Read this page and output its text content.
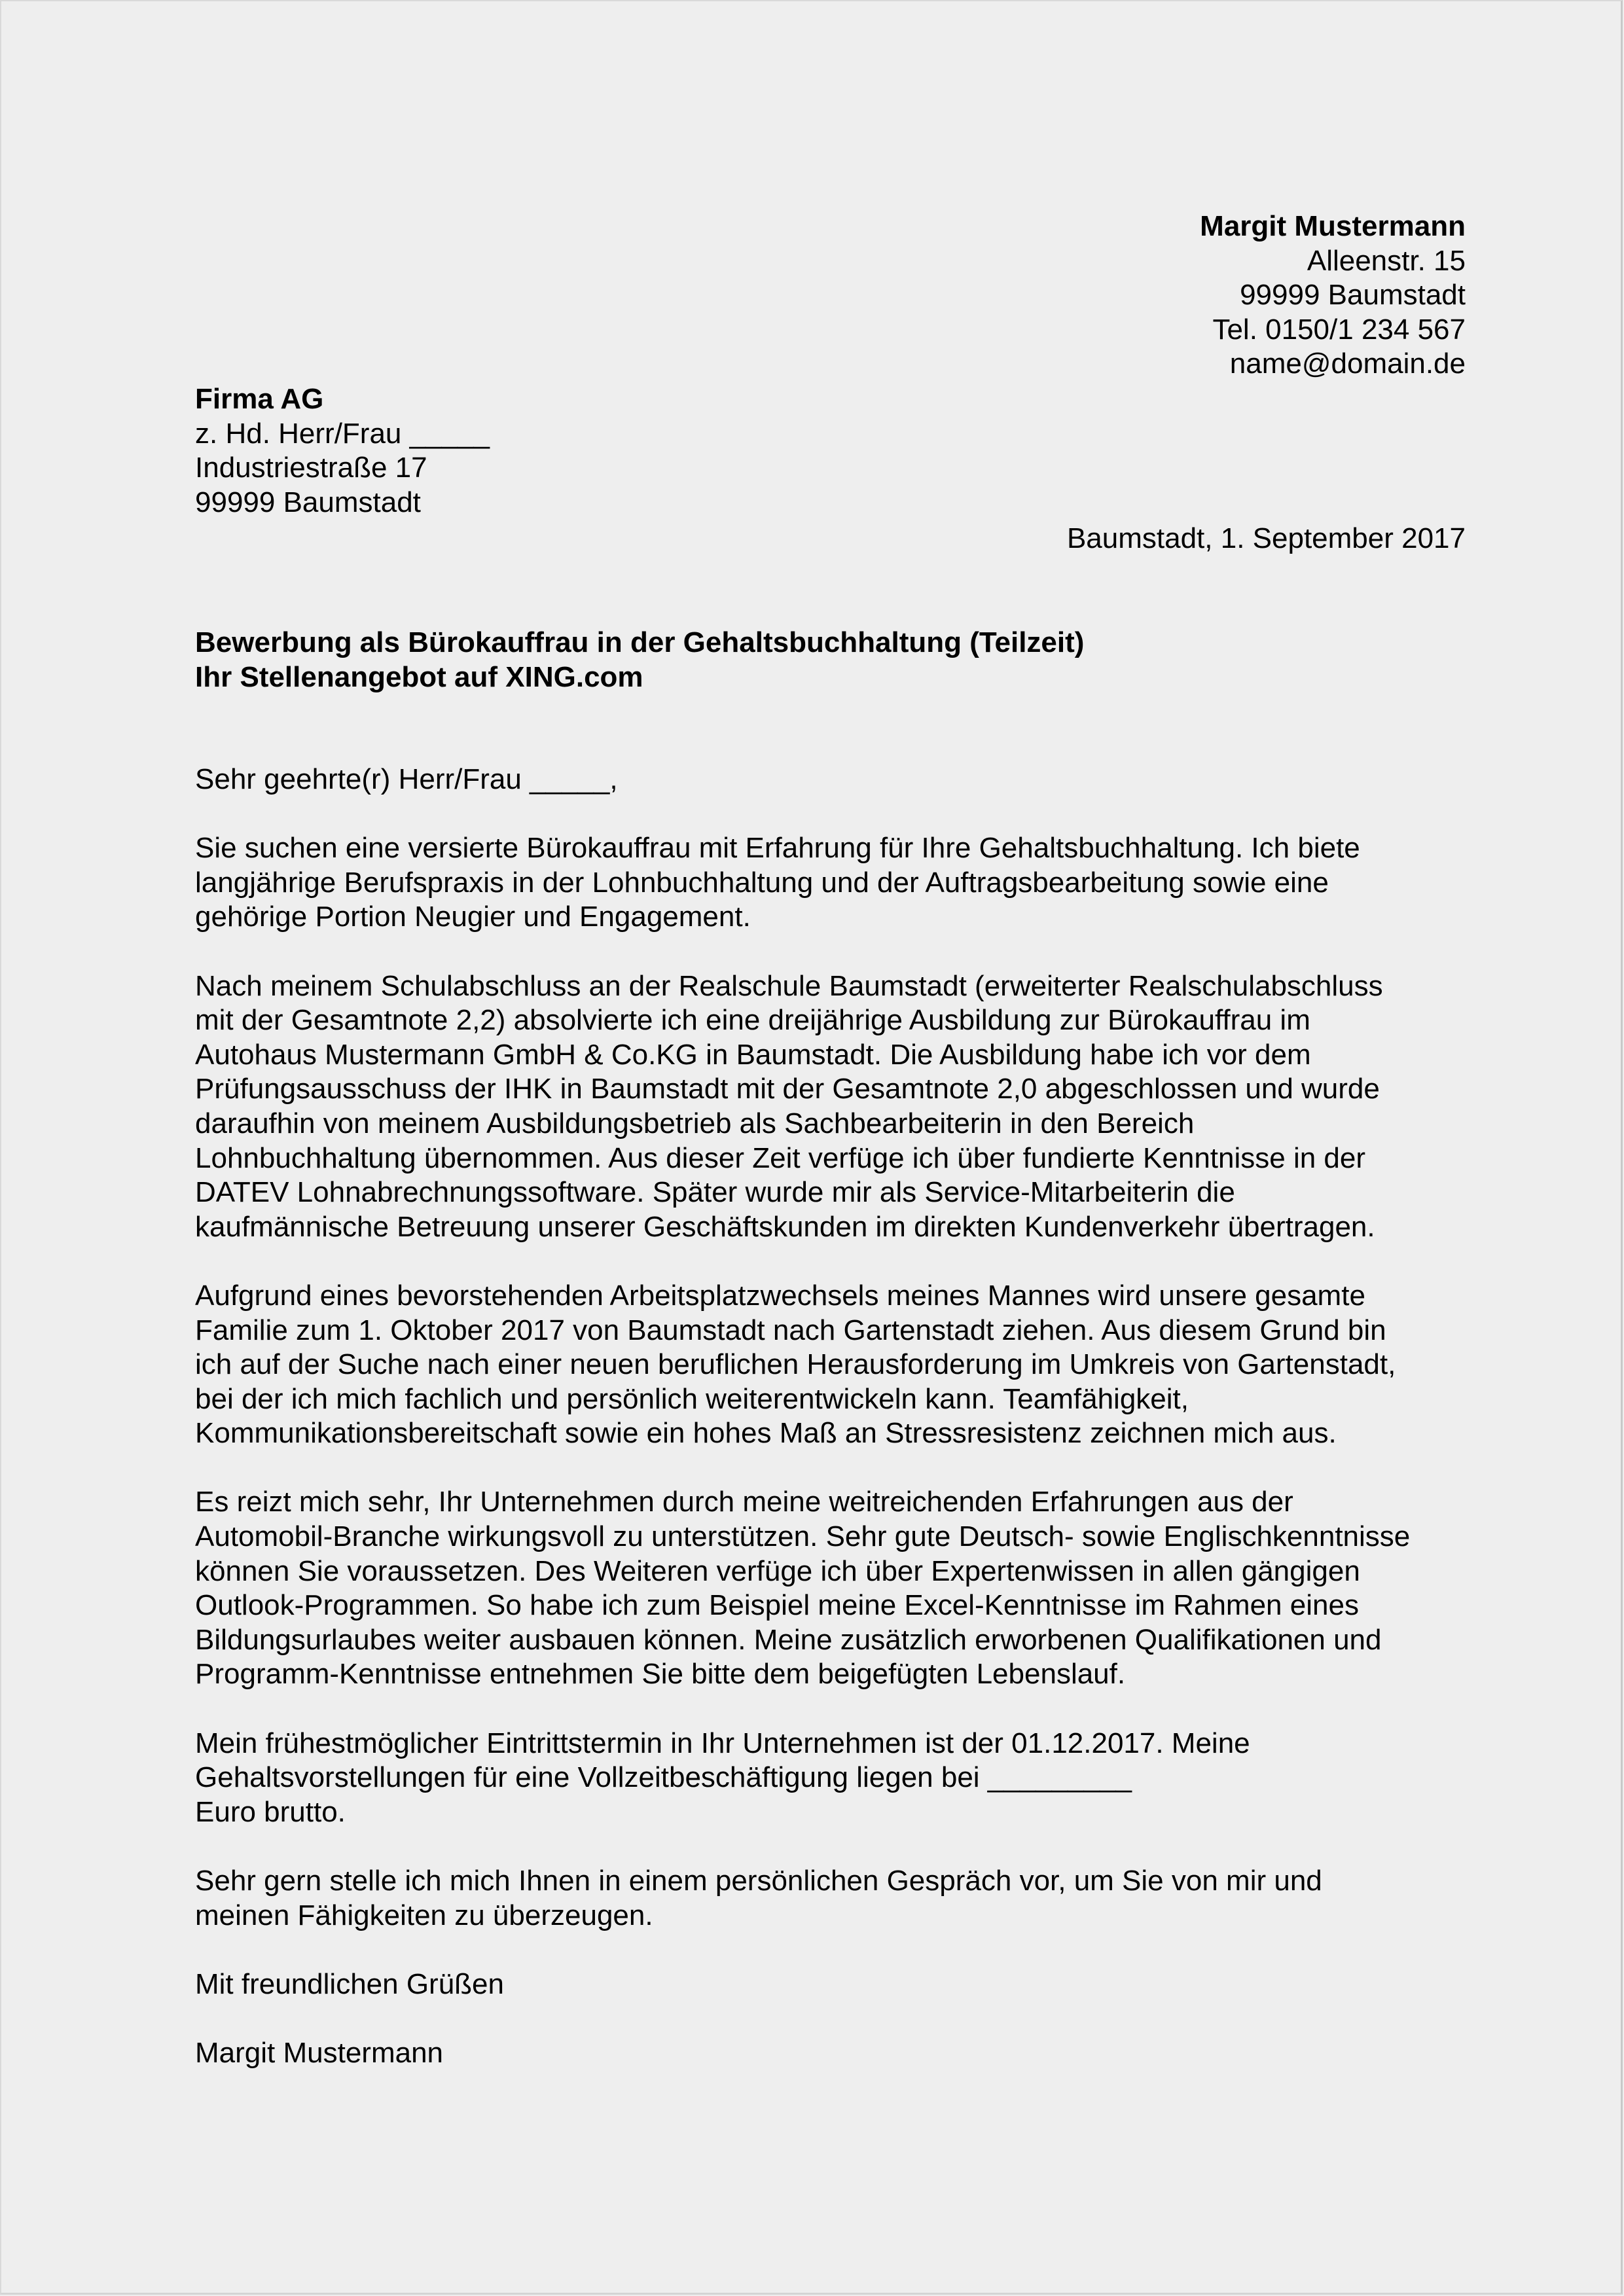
Margit Mustermann
Alleenstr. 15
99999 Baumstadt
Tel. 0150/1 234 567
name@domain.de
Firma AG
z. Hd. Herr/Frau _____
Industriestraße 17
99999 Baumstadt
Baumstadt, 1. September 2017
Bewerbung als Bürokauffrau in der Gehaltsbuchhaltung (Teilzeit)
Ihr Stellenangebot auf XING.com
Sehr geehrte(r) Herr/Frau _____,
Sie suchen eine versierte Bürokauffrau mit Erfahrung für Ihre Gehaltsbuchhaltung. Ich biete
langjährige Berufspraxis in der Lohnbuchhaltung und der Auftragsbearbeitung sowie eine
gehörige Portion Neugier und Engagement.
Nach meinem Schulabschluss an der Realschule Baumstadt (erweiterter Realschulabschluss
mit der Gesamtnote 2,2) absolvierte ich eine dreijährige Ausbildung zur Bürokauffrau im
Autohaus Mustermann GmbH & Co.KG in Baumstadt. Die Ausbildung habe ich vor dem
Prüfungsausschuss der IHK in Baumstadt mit der Gesamtnote 2,0 abgeschlossen und wurde
daraufhin von meinem Ausbildungsbetrieb als Sachbearbeiterin in den Bereich
Lohnbuchhaltung übernommen. Aus dieser Zeit verfüge ich über fundierte Kenntnisse in der
DATEV Lohnabrechnungssoftware. Später wurde mir als Service-Mitarbeiterin die
kaufmännische Betreuung unserer Geschäftskunden im direkten Kundenverkehr übertragen.
Aufgrund eines bevorstehenden Arbeitsplatzwechsels meines Mannes wird unsere gesamte
Familie zum 1. Oktober 2017 von Baumstadt nach Gartenstadt ziehen. Aus diesem Grund bin
ich auf der Suche nach einer neuen beruflichen Herausforderung im Umkreis von Gartenstadt,
bei der ich mich fachlich und persönlich weiterentwickeln kann. Teamfähigkeit,
Kommunikationsbereitschaft sowie ein hohes Maß an Stressresistenz zeichnen mich aus.
Es reizt mich sehr, Ihr Unternehmen durch meine weitreichenden Erfahrungen aus der
Automobil-Branche wirkungsvoll zu unterstützen. Sehr gute Deutsch- sowie Englischkenntnisse
können Sie voraussetzen. Des Weiteren verfüge ich über Expertenwissen in allen gängigen
Outlook-Programmen. So habe ich zum Beispiel meine Excel-Kenntnisse im Rahmen eines
Bildungsurlaubes weiter ausbauen können. Meine zusätzlich erworbenen Qualifikationen und
Programm-Kenntnisse entnehmen Sie bitte dem beigefügten Lebenslauf.
Mein frühestmöglicher Eintrittstermin in Ihr Unternehmen ist der 01.12.2017. Meine
Gehaltsvorstellungen für eine Vollzeitbeschäftigung liegen bei _________
Euro brutto.
Sehr gern stelle ich mich Ihnen in einem persönlichen Gespräch vor, um Sie von mir und
meinen Fähigkeiten zu überzeugen.
Mit freundlichen Grüßen
Margit Mustermann
